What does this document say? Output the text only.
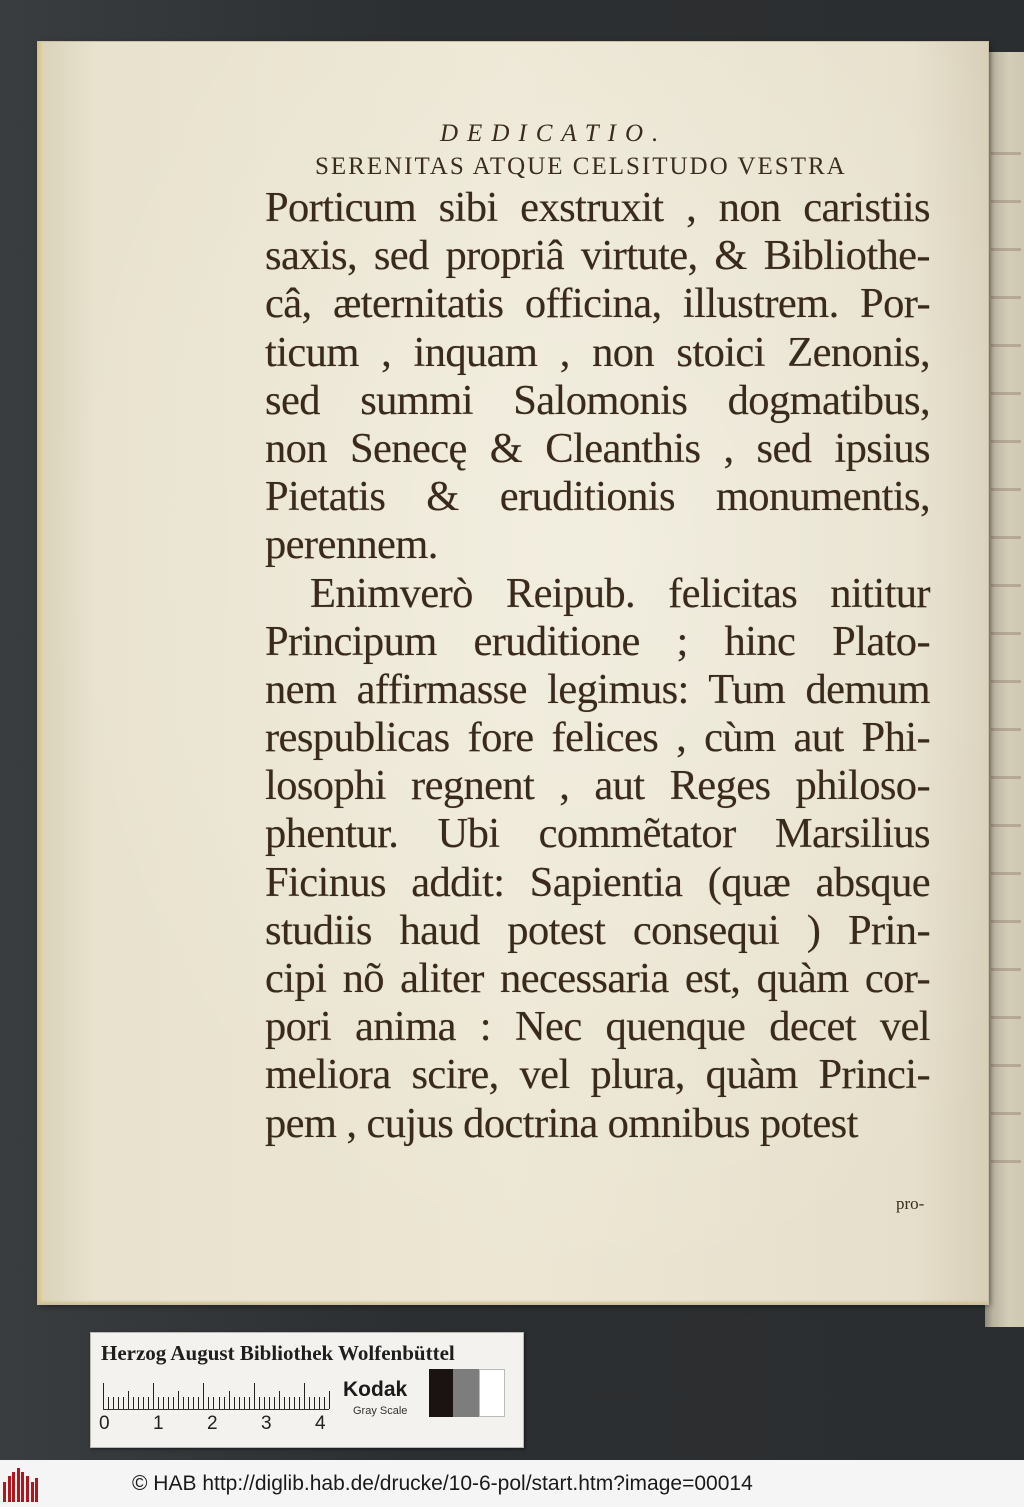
DEDICATIO.
SERENITAS ATQUE CELSITUDO VESTRA
Porticum sibi exstruxit , non caristiis
saxis, sed propriâ virtute, & Bibliothe-
câ, æternitatis officina, illustrem. Por-
ticum , inquam , non stoici Zenonis,
sed summi Salomonis dogmatibus,
non Senecę & Cleanthis , sed ipsius
Pietatis & eruditionis monumentis,
perennem.
Enimverò Reipub. felicitas nititur
Principum eruditione ; hinc Plato-
nem affirmasse legimus: Tum demum
respublicas fore felices , cùm aut Phi-
losophi regnent , aut Reges philoso-
phentur. Ubi commẽtator Marsilius
Ficinus addit: Sapientia (quæ absque
studiis haud potest consequi ) Prin-
cipi nõ aliter necessaria est, quàm cor-
pori anima : Nec quenque decet vel
meliora scire, vel plura, quàm Princi-
pem , cujus doctrina omnibus potest
pro-
Herzog August Bibliothek Wolfenbüttel
0 1 2 3 4
Kodak
Gray Scale
© HAB http://diglib.hab.de/drucke/10-6-pol/start.htm?image=00014
